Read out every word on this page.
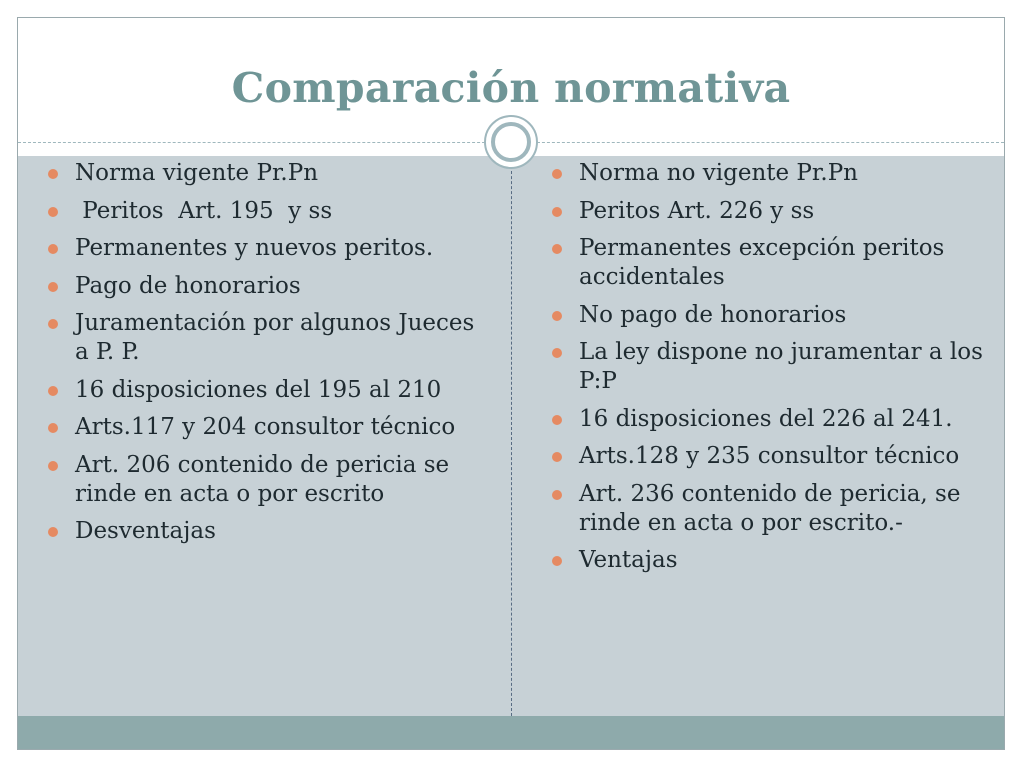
Comparación normativa
Norma vigente Pr.Pn
Peritos  Art. 195  y ss
Permanentes y nuevos peritos.
Pago de honorarios
Juramentación por algunos Jueces a P. P.
16 disposiciones del 195 al 210
Arts.117 y 204 consultor técnico
Art. 206 contenido de pericia se rinde en acta o por escrito
Desventajas
Norma no vigente Pr.Pn
Peritos Art. 226 y ss
Permanentes excepción peritos accidentales
No pago de honorarios
La ley dispone no juramentar a los P:P
16 disposiciones del 226 al 241.
Arts.128 y 235 consultor técnico
Art. 236 contenido de pericia, se rinde en acta o por escrito.-
Ventajas
